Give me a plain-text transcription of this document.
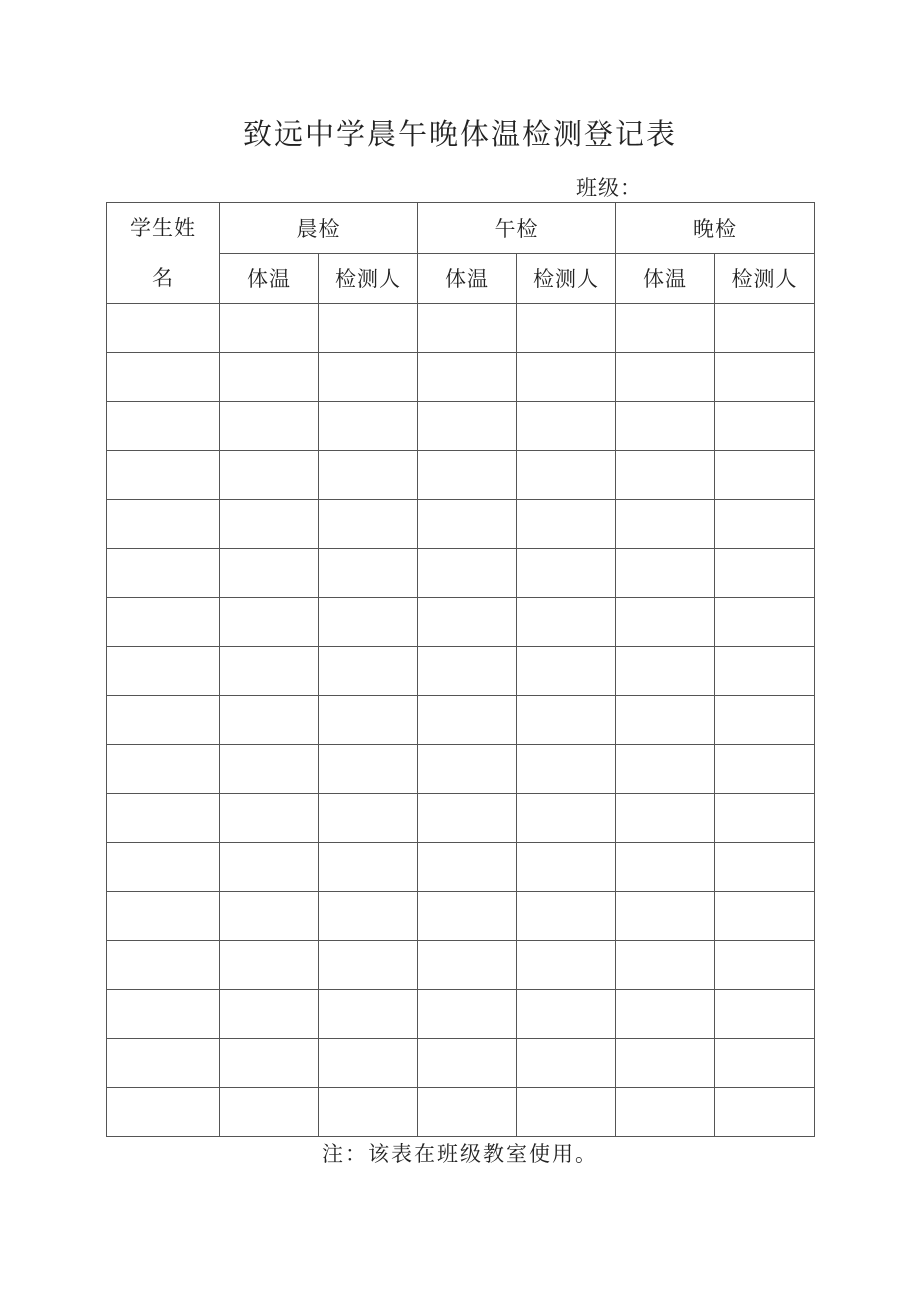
致远中学晨午晚体温检测登记表
班级：
学生姓
名	晨检		午检		晚检	
	体温	检测人	体温	检测人	体温	检测人

注：该表在班级教室使用。
